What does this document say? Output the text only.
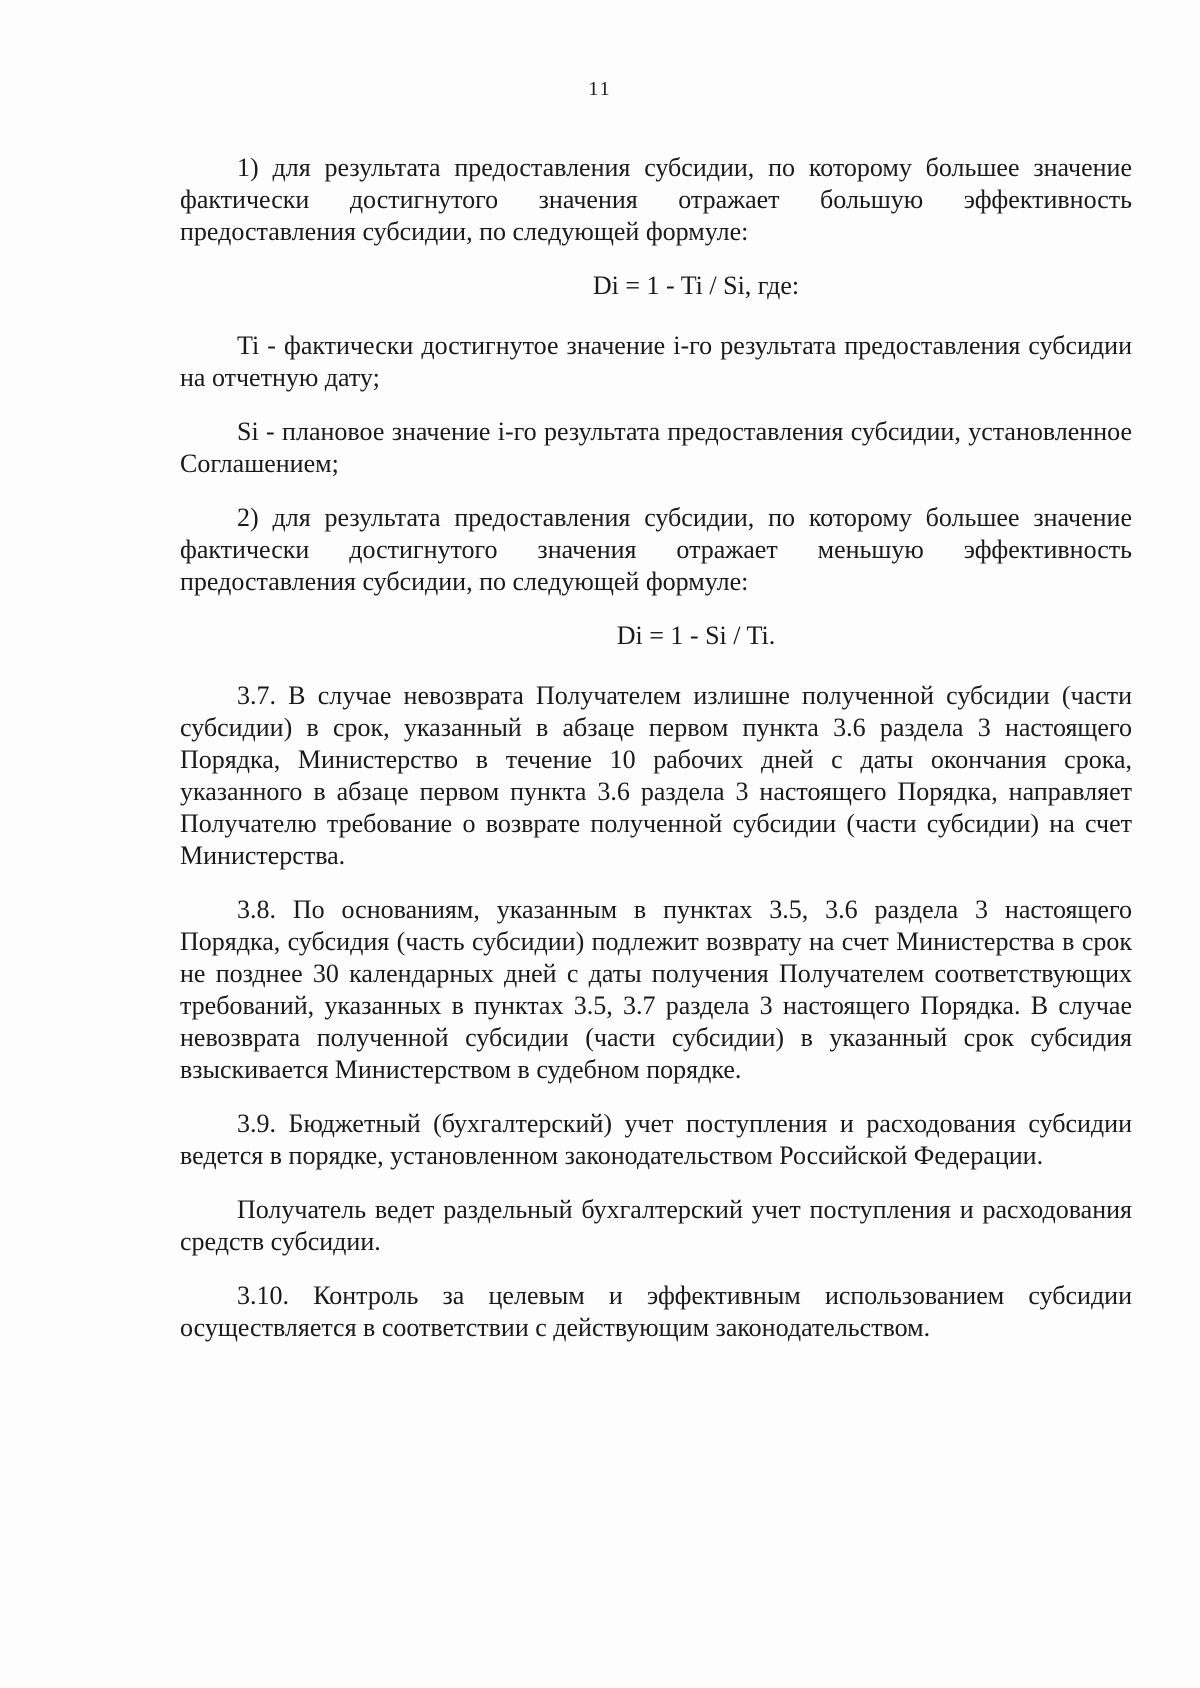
11

1) для результата предоставления субсидии, по которому большее значение фактически достигнутого значения отражает большую эффективность предоставления субсидии, по следующей формуле:

Di = 1 - Ti / Si, где:

Ti - фактически достигнутое значение i-го результата предоставления субсидии на отчетную дату;

Si - плановое значение i-го результата предоставления субсидии, установленное Соглашением;

2) для результата предоставления субсидии, по которому большее значение фактически достигнутого значения отражает меньшую эффективность предоставления субсидии, по следующей формуле:

Di = 1 - Si / Ti.

3.7. В случае невозврата Получателем излишне полученной субсидии (части субсидии) в срок, указанный в абзаце первом пункта 3.6 раздела 3 настоящего Порядка, Министерство в течение 10 рабочих дней с даты окончания срока, указанного в абзаце первом пункта 3.6 раздела 3 настоящего Порядка, направляет Получателю требование о возврате полученной субсидии (части субсидии) на счет Министерства.

3.8. По основаниям, указанным в пунктах 3.5, 3.6 раздела 3 настоящего Порядка, субсидия (часть субсидии) подлежит возврату на счет Министерства в срок не позднее 30 календарных дней с даты получения Получателем соответствующих требований, указанных в пунктах 3.5, 3.7 раздела 3 настоящего Порядка. В случае невозврата полученной субсидии (части субсидии) в указанный срок субсидия взыскивается Министерством в судебном порядке.

3.9. Бюджетный (бухгалтерский) учет поступления и расходования субсидии ведется в порядке, установленном законодательством Российской Федерации.

Получатель ведет раздельный бухгалтерский учет поступления и расходования средств субсидии.

3.10. Контроль за целевым и эффективным использованием субсидии осуществляется в соответствии с действующим законодательством.
